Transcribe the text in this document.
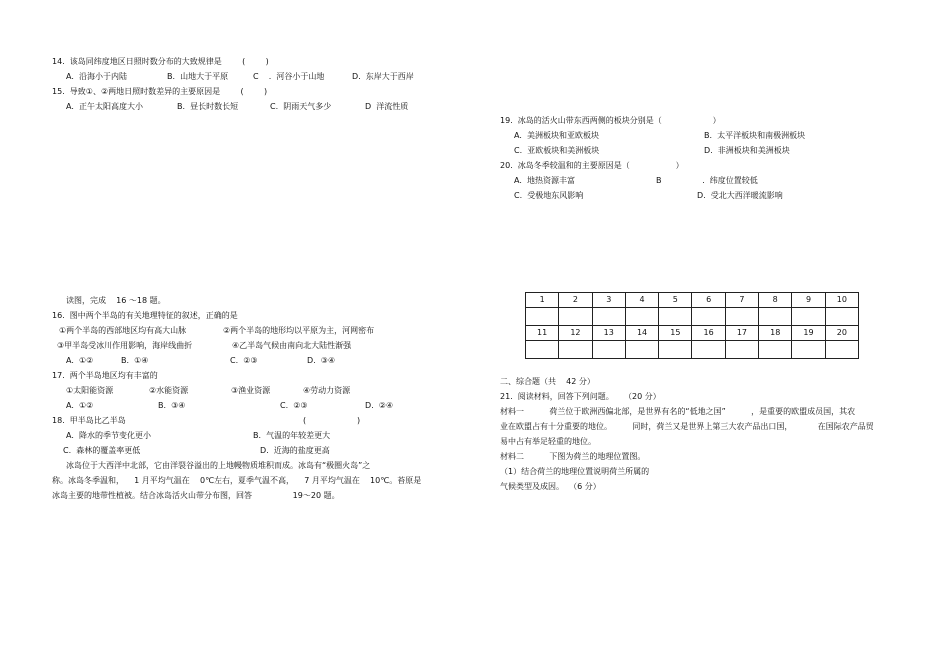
14.  该岛同纬度地区日照时数分布的大致规律是        (        )
A.  沿海小于内陆	B.  山地大于平原	C    .  河谷小于山地	D.  东岸大于西岸
15.  导致①、②两地日照时数差异的主要原因是        (        )
A.  正午太阳高度大小	B.  昼长时数长短	C.  阴雨天气多少	D  洋流性质
读图，完成    16 ～18 题。
16.  图中两个半岛的有关地理特征的叙述，正确的是
①两个半岛的西部地区均有高大山脉	②两个半岛的地形均以平原为主，河网密布
③甲半岛受冰川作用影响，海岸线曲折	④乙半岛气候由南向北大陆性渐强
A.  ①②	B.  ①④	C.  ②③	D.  ③④
17.  两个半岛地区均有丰富的
①太阳能资源	②水能资源	③渔业资源	④劳动力资源
A.  ①②	B.  ③④	C.  ②③	D.  ②④
18.  甲半岛比乙半岛	(                    )
A.  降水的季节变化更小	B.  气温的年较差更大
C.  森林的覆盖率更低	D.  近海的盐度更高
冰岛位于大西洋中北部，它由洋裂谷溢出的上地幔物质堆积而成。冰岛有“极圈火岛”之
称。冰岛冬季温和，    1 月平均气温在    0℃左右，夏季气温不高，    7 月平均气温在    10℃。苔原是
冰岛主要的地带性植被。结合冰岛活火山带分布图，回答                19～20 题。
19.  冰岛的活火山带东西两侧的板块分别是（                    ）
A.  美洲板块和亚欧板块	B.  太平洋板块和南极洲板块
C.  亚欧板块和美洲板块	D.  非洲板块和美洲板块
20.  冰岛冬季较温和的主要原因是（                  ）
A.  地热资源丰富	B                .  纬度位置较低
C.  受极地东风影响	D.  受北大西洋暖流影响
1	2	3	4	5	6	7	8	9	10

11	12	13	14	15	16	17	18	19	20

二、综合题（共    42 分）
21.  阅读材料，回答下列问题。    （20 分）
材料一          荷兰位于欧洲西偏北部，是世界有名的“低地之国”          ，是重要的欧盟成员国，其农
业在欧盟占有十分重要的地位。        同时，荷兰又是世界上第三大农产品出口国，          在国际农产品贸
易中占有举足轻重的地位。
材料二          下图为荷兰的地理位置图。
（1）结合荷兰的地理位置说明荷兰所属的
气候类型及成因。  （6 分）
